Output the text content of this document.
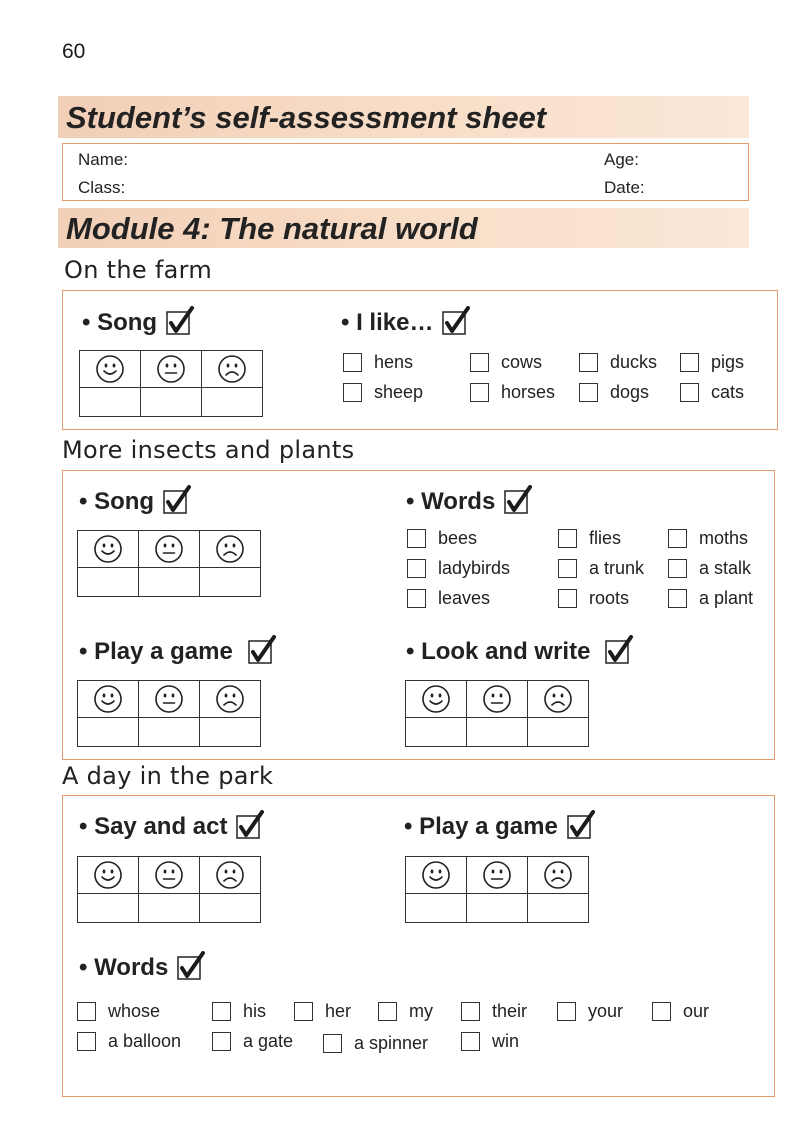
60
Student’s self-assessment sheet
Name:	Age:
Class:	Date:
Module 4: The natural world
On the farm
• Song

			• I like…
hens	cows	ducks	pigs
sheep	horses	dogs	cats
More insects and plants
• Song

			• Words
bees	flies	moths
ladybirds	a trunk	a stalk
leaves	roots	a plant
• Play a game

			• Look and write

A day in the park
• Say and act

			• Play a game

• Words
whose	his	her	my	their	your	our
a balloon	a gate	a spinner	win
